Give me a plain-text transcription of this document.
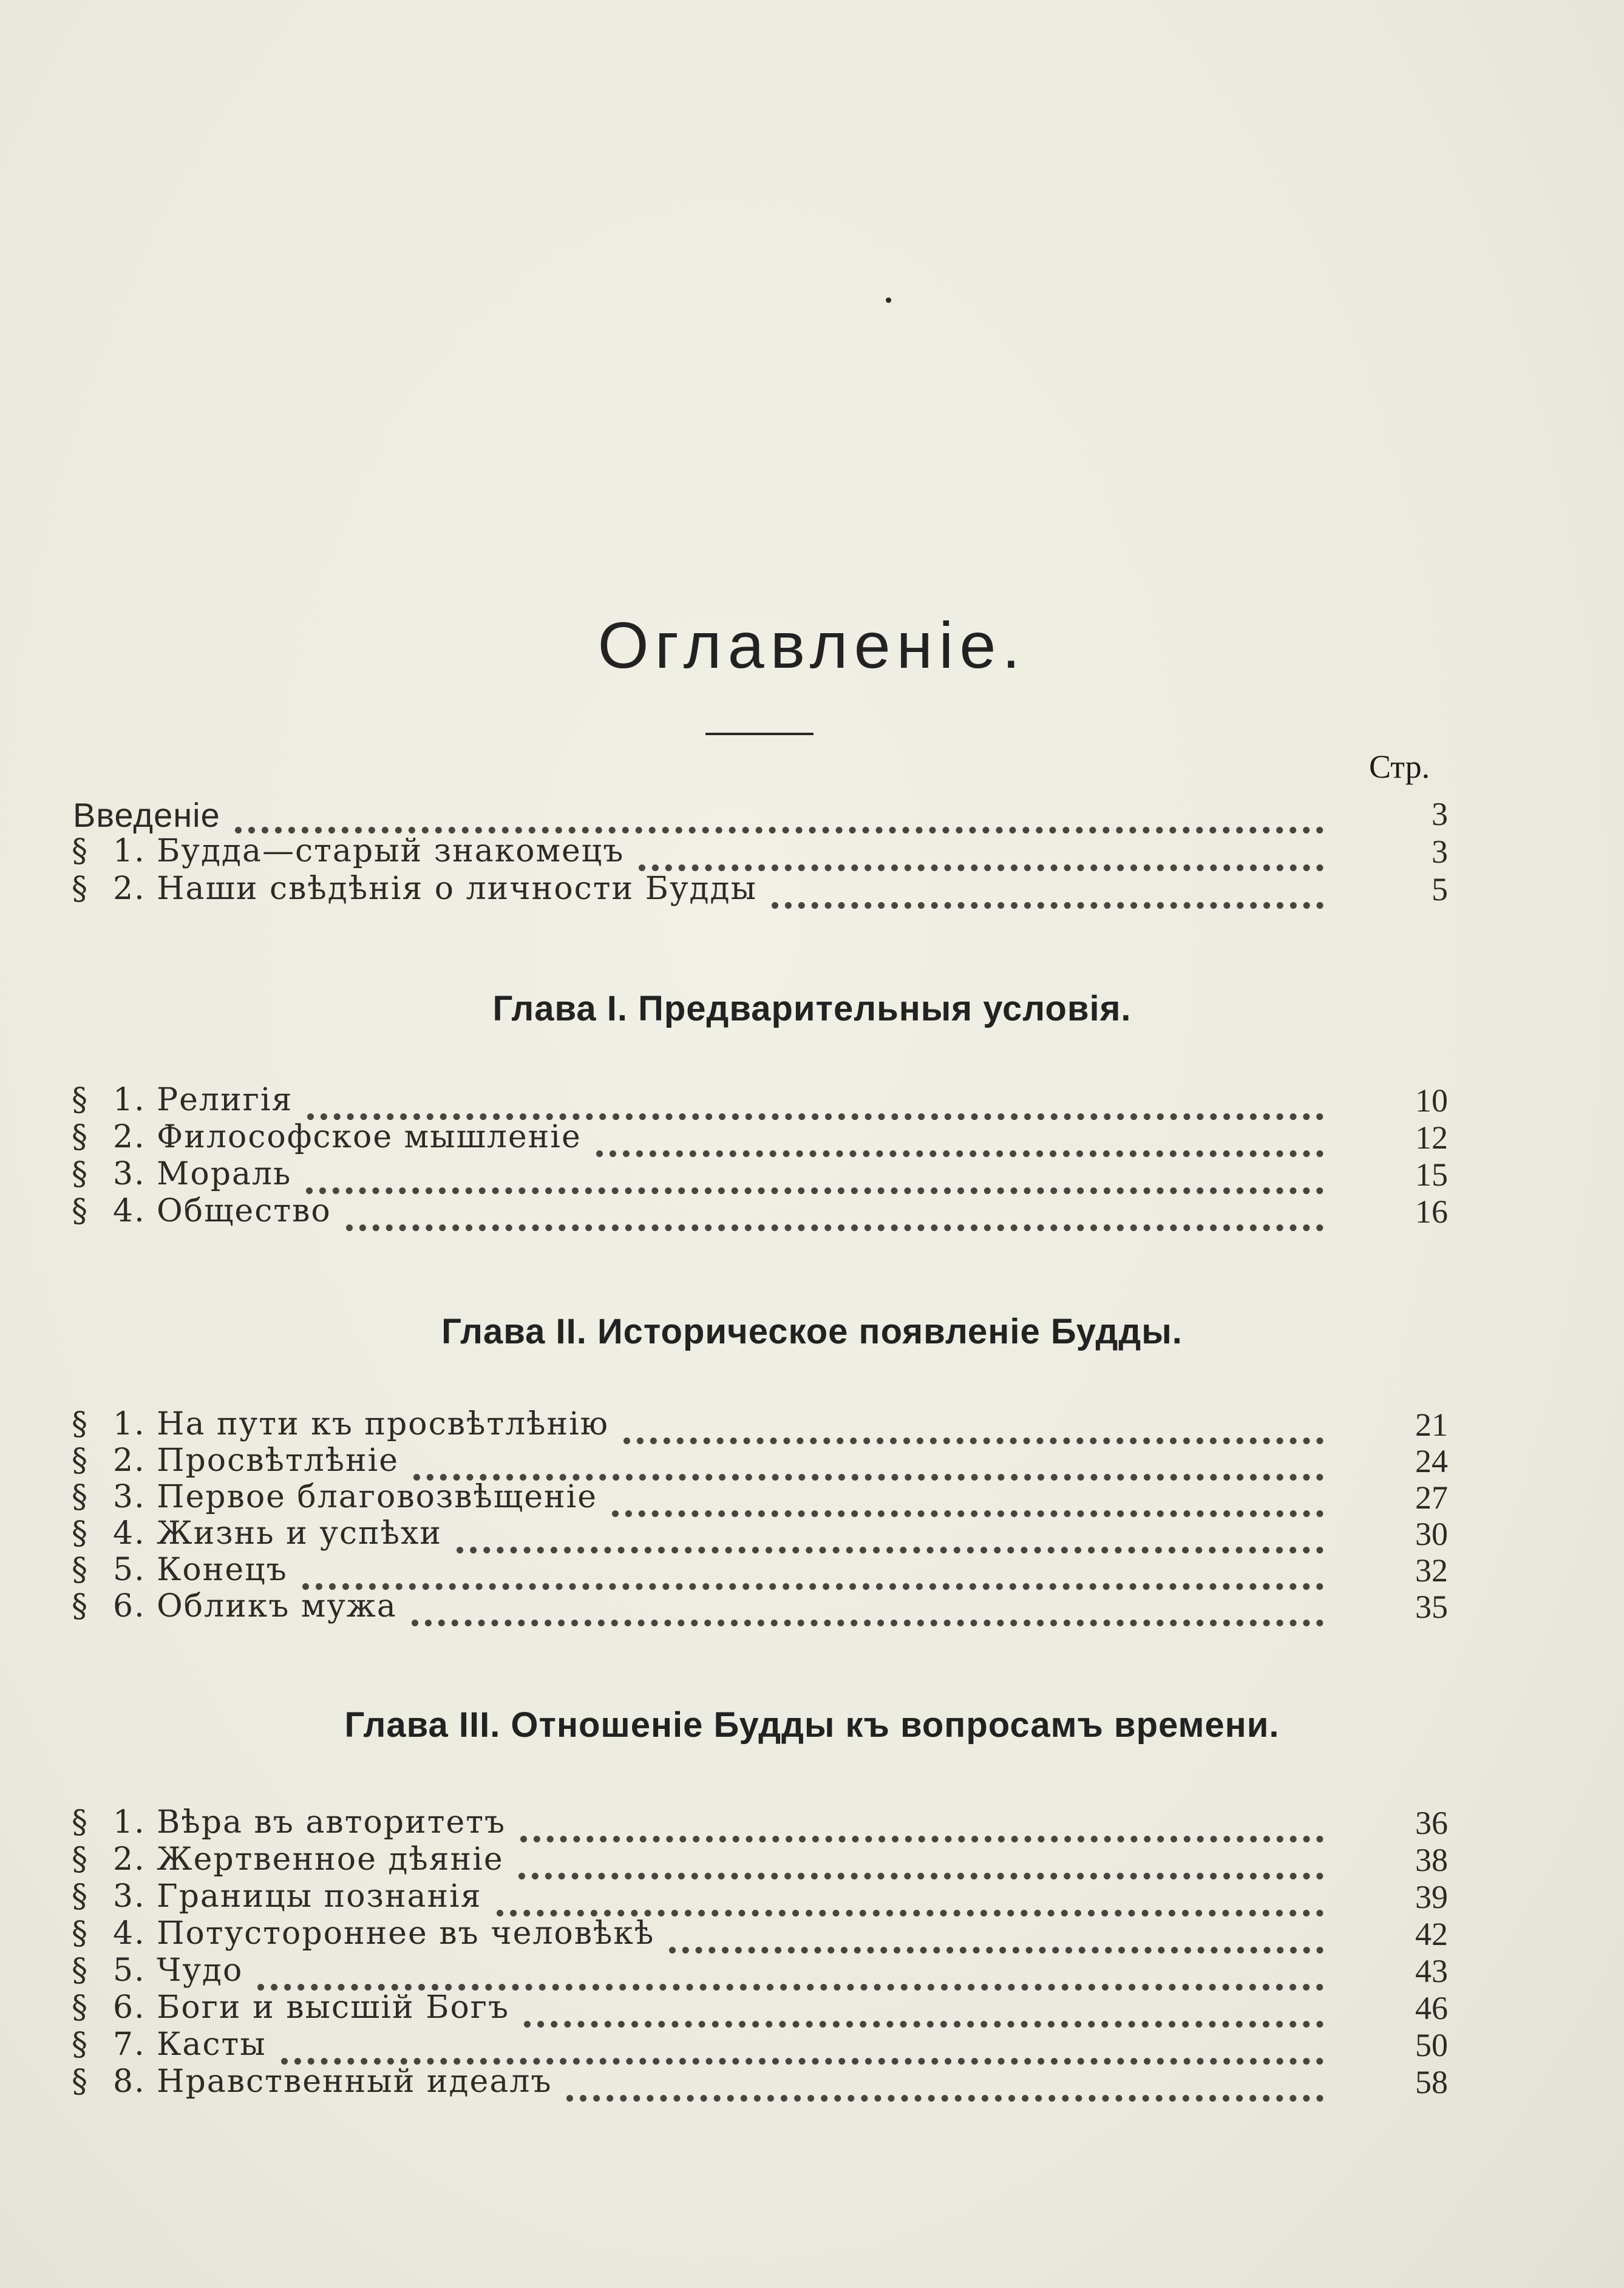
Оглавленіе.
Стр.
Введеніе	3
§ 1. Будда—старый знакомецъ	3
§ 2. Наши свѣдѣнія о личности Будды	5
Глава I. Предварительныя условія.
§ 1. Религія	10
§ 2. Философское мышленіе	12
§ 3. Мораль	15
§ 4. Общество	16
Глава II. Историческое появленіе Будды.
§ 1. На пути къ просвѣтлѣнію	21
§ 2. Просвѣтлѣніе	24
§ 3. Первое благовозвѣщеніе	27
§ 4. Жизнь и успѣхи	30
§ 5. Конецъ	32
§ 6. Обликъ мужа	35
Глава III. Отношеніе Будды къ вопросамъ времени.
§ 1. Вѣра въ авторитетъ	36
§ 2. Жертвенное дѣяніе	38
§ 3. Границы познанія	39
§ 4. Потустороннее въ человѣкѣ	42
§ 5. Чудо	43
§ 6. Боги и высшій Богъ	46
§ 7. Касты	50
§ 8. Нравственный идеалъ	58
